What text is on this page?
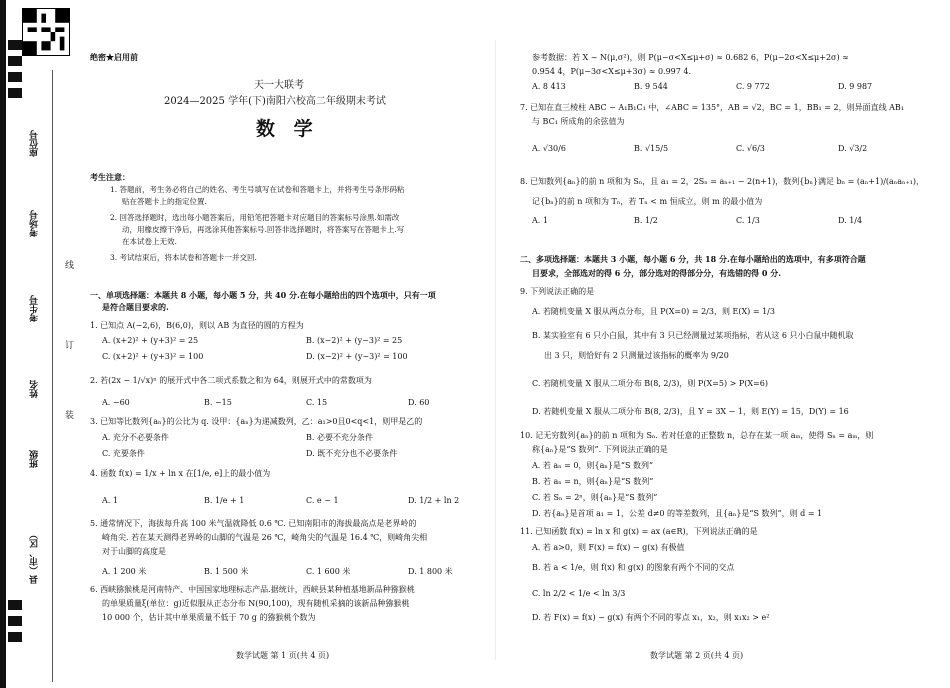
座位号
考场号
考生号
姓名
班级
县（市、区）
线
订
装
绝密★启用前
天一大联考
2024—2025 学年(下)南阳六校高二年级期末考试
数 学
考生注意：
1. 答题前，考生务必将自己的姓名、考生号填写在试卷和答题卡上，并将考生号条形码粘
贴在答题卡上的指定位置.
2. 回答选择题时，选出每小题答案后，用铅笔把答题卡对应题目的答案标号涂黑.如需改
动，用橡皮擦干净后，再选涂其他答案标号.回答非选择题时，将答案写在答题卡上.写
在本试卷上无效.
3. 考试结束后，将本试卷和答题卡一并交回.
一、单项选择题：本题共 8 小题，每小题 5 分，共 40 分.在每小题给出的四个选项中，只有一项
是符合题目要求的.
1. 已知点 A(−2,6)，B(6,0)，则以 AB 为直径的圆的方程为
A. (x+2)² + (y+3)² = 25	B. (x−2)² + (y−3)² = 25
C. (x+2)² + (y+3)² = 100	D. (x−2)² + (y−3)² = 100
2. 若(2x − 1/√x)ⁿ 的展开式中各二项式系数之和为 64，则展开式中的常数项为
A. −60	B. −15	C. 15	D. 60
3. 已知等比数列{aₙ}的公比为 q. 设甲：{aₙ}为递减数列，乙：a₁>0且0<q<1，则甲是乙的
A. 充分不必要条件	B. 必要不充分条件
C. 充要条件	D. 既不充分也不必要条件
4. 函数 f(x) = 1/x + ln x 在[1/e, e]上的最小值为
A. 1	B. 1/e + 1	C. e − 1	D. 1/2 + ln 2
5. 通常情况下，海拔每升高 100 米气温就降低 0.6 ℃. 已知南阳市的海拔最高点是老界岭的
崎角尖. 若在某天测得老界岭的山脚的气温是 26 ℃，崎角尖的气温是 16.4 ℃，则崎角尖相
对于山脚的高度是
A. 1 200 米	B. 1 500 米	C. 1 600 米	D. 1 800 米
6. 西峡猕猴桃是河南特产、中国国家地理标志产品.据统计，西峡县某种植基地新品种猕猴桃
的单果质量ξ(单位：g)近似服从正态分布 N(90,100)，现有随机采摘的该新品种猕猴桃
10 000 个，估计其中单果质量不低于 70 g 的猕猴桃个数为
数学试题 第 1 页(共 4 页)
参考数据：若 X ~ N(μ,σ²)，则 P(μ−σ<X≤μ+σ) ≈ 0.682 6，P(μ−2σ<X≤μ+2σ) ≈
0.954 4，P(μ−3σ<X≤μ+3σ) ≈ 0.997 4.
A. 8 413	B. 9 544	C. 9 772	D. 9 987
7. 已知在直三棱柱 ABC − A₁B₁C₁ 中，∠ABC = 135°，AB = √2，BC = 1，BB₁ = 2，则异面直线 AB₁
与 BC₁ 所成角的余弦值为
A. √30/6	B. √15/5	C. √6/3	D. √3/2
8. 已知数列{aₙ}的前 n 项和为 Sₙ，且 a₁ = 2，2Sₙ = aₙ₊₁ − 2(n+1)，数列{bₙ}满足 bₙ = (aₙ+1)/(aₙaₙ₊₁)，
记{bₙ}的前 n 项和为 Tₙ，若 Tₙ < m 恒成立，则 m 的最小值为
A. 1	B. 1/2	C. 1/3	D. 1/4
二、多项选择题：本题共 3 小题，每小题 6 分，共 18 分.在每小题给出的选项中，有多项符合题
目要求，全部选对的得 6 分，部分选对的得部分分，有选错的得 0 分.
9. 下列说法正确的是
A. 若随机变量 X 服从两点分布，且 P(X=0) = 2/3，则 E(X) = 1/3
B. 某实验室有 6 只小白鼠，其中有 3 只已经测量过某项指标，若从这 6 只小白鼠中随机取
出 3 只，则恰好有 2 只测量过该指标的概率为 9/20
C. 若随机变量 X 服从二项分布 B(8, 2/3)，则 P(X=5) > P(X=6)
D. 若随机变量 X 服从二项分布 B(8, 2/3)，且 Y = 3X − 1，则 E(Y) = 15，D(Y) = 16
10. 记无穷数列{aₙ}的前 n 项和为 Sₙ. 若对任意的正整数 n，总存在某一项 aₘ，使得 Sₙ = aₘ，则
称{aₙ}是“S 数列”. 下列说法正确的是
A. 若 aₙ = 0，则{aₙ}是“S 数列”
B. 若 aₙ = n，则{aₙ}是“S 数列”
C. 若 Sₙ = 2ⁿ，则{aₙ}是“S 数列”
D. 若{aₙ}是首项 a₁ = 1，公差 d≠0 的等差数列，且{aₙ}是“S 数列”，则 d = 1
11. 已知函数 f(x) = ln x 和 g(x) = ax (a∈R)，下列说法正确的是
A. 若 a>0，则 F(x) = f(x) − g(x) 有极值
B. 若 a < 1/e，则 f(x) 和 g(x) 的图象有两个不同的交点
C. ln 2/2 < 1/e < ln 3/3
D. 若 F(x) = f(x) − g(x) 有两个不同的零点 x₁，x₂，则 x₁x₂ > e²
数学试题 第 2 页(共 4 页)
